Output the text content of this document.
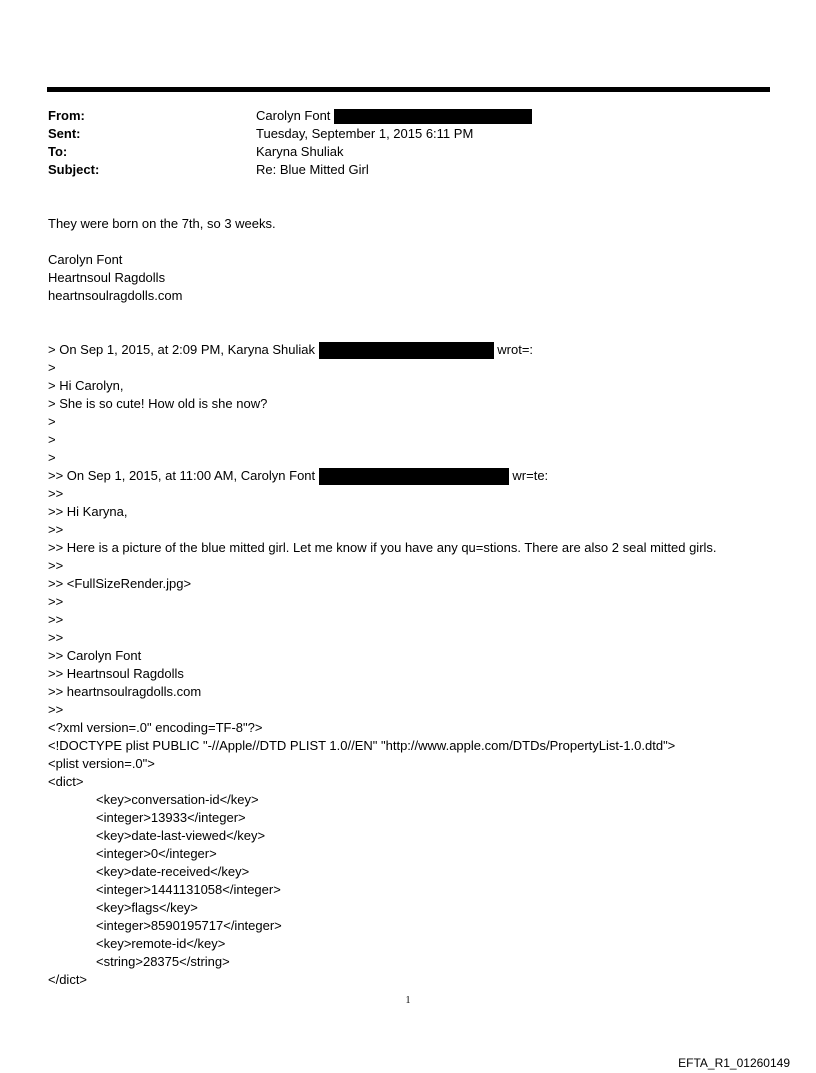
From:	Carolyn Font
Sent:	Tuesday, September 1, 2015 6:11 PM
To:	Karyna Shuliak
Subject:	Re: Blue Mitted Girl
They were born on the 7th, so 3 weeks.
Carolyn Font
Heartnsoul Ragdolls
heartnsoulragdolls.com
> On Sep 1, 2015, at 2:09 PM, Karyna Shuliak	wrot=:
>
> Hi Carolyn,
> She is so cute! How old is she now?
>
>
>
>> On Sep 1, 2015, at 11:00 AM, Carolyn Font	wr=te:
>>
>> Hi Karyna,
>>
>> Here is a picture of the blue mitted girl. Let me know if you have any qu=stions. There are also 2 seal mitted girls.
>>
>> <FullSizeRender.jpg>
>>
>>
>>
>> Carolyn Font
>> Heartnsoul Ragdolls
>> heartnsoulragdolls.com
>>
<?xml version=.0" encoding=TF-8"?>
<!DOCTYPE plist PUBLIC "-//Apple//DTD PLIST 1.0//EN" "http://www.apple.com/DTDs/PropertyList-1.0.dtd">
<plist version=.0">
<dict>
<key>conversation-id</key>
<integer>13933</integer>
<key>date-last-viewed</key>
<integer>0</integer>
<key>date-received</key>
<integer>1441131058</integer>
<key>flags</key>
<integer>8590195717</integer>
<key>remote-id</key>
<string>28375</string>
</dict>
1
EFTA_R1_01260149
